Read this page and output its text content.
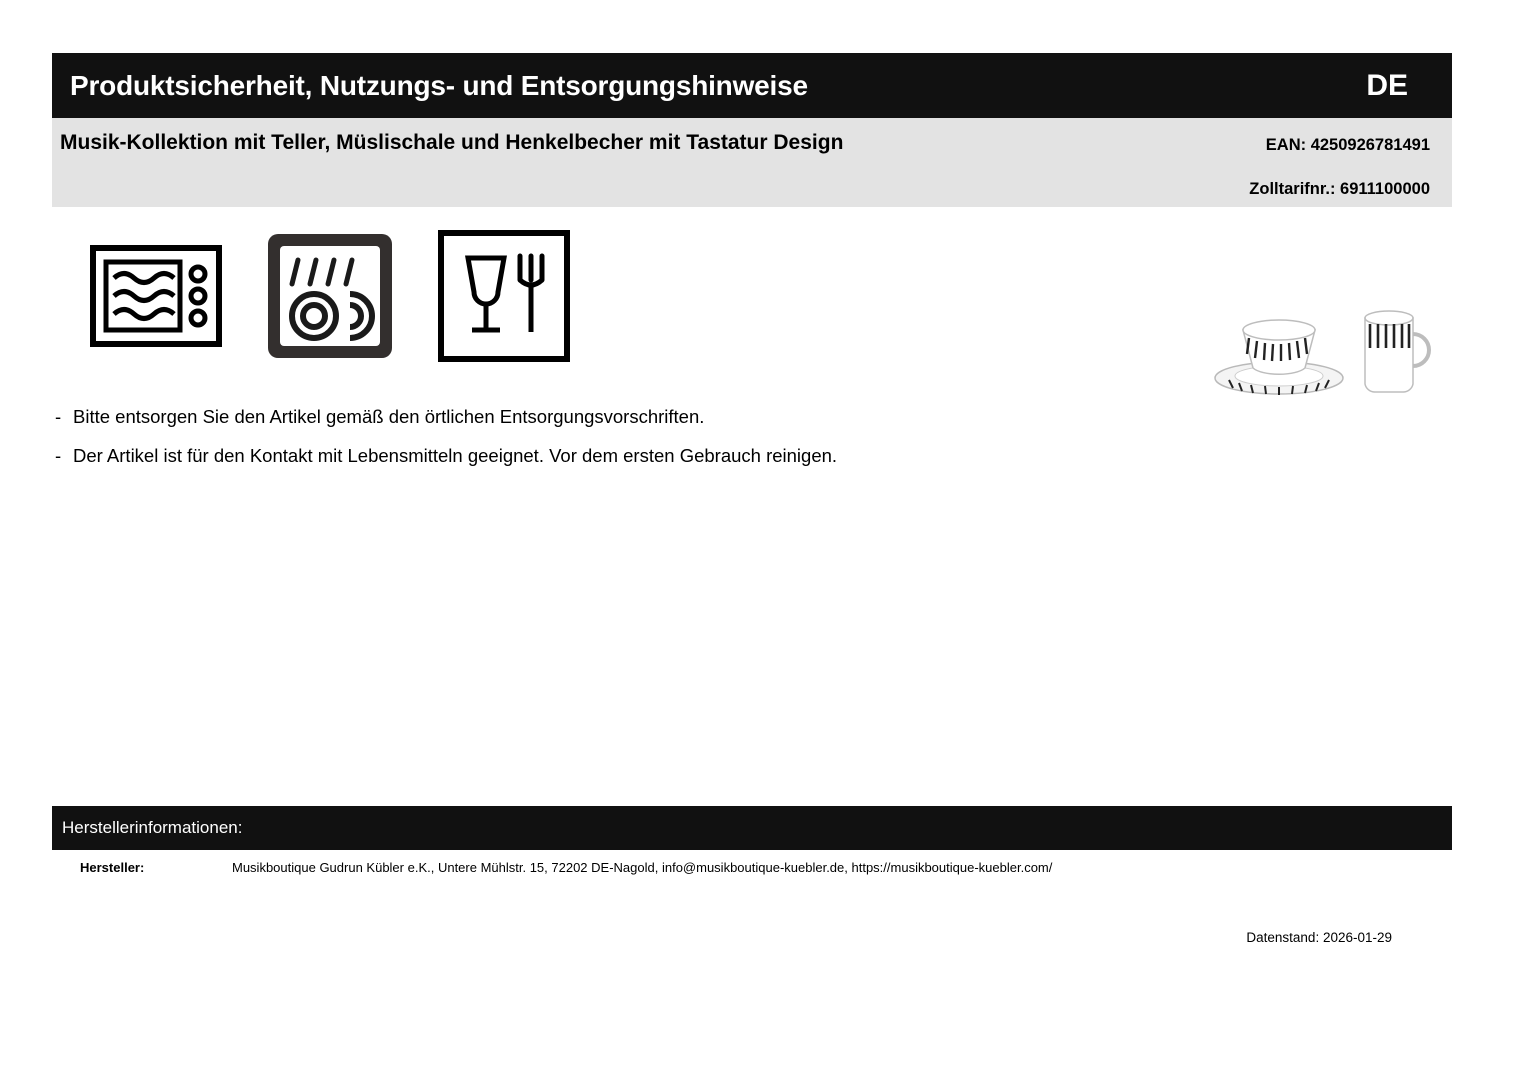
Produktsicherheit, Nutzungs- und Entsorgungshinweise	DE
Musik-Kollektion mit Teller, Müslischale und Henkelbecher mit Tastatur Design	EAN: 4250926781491
Zolltarifnr.: 6911100000
- Bitte entsorgen Sie den Artikel gemäß den örtlichen Entsorgungsvorschriften.
- Der Artikel ist für den Kontakt mit Lebensmitteln geeignet. Vor dem ersten Gebrauch reinigen.
Herstellerinformationen:
Hersteller:	Musikboutique Gudrun Kübler e.K., Untere Mühlstr. 15, 72202 DE-Nagold, info@musikboutique-kuebler.de, https://musikboutique-kuebler.com/
Datenstand: 2026-01-29
